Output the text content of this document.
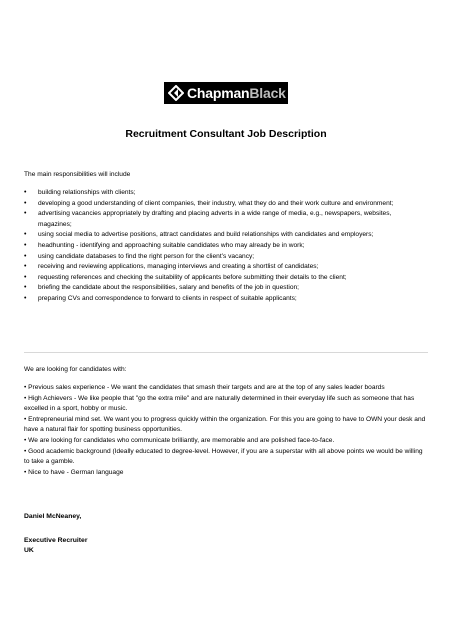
ChapmanBlack
Recruitment Consultant Job Description

The main responsibilities will include

• building relationships with clients;
• developing a good understanding of client companies, their industry, what they do and their work culture and environment;
• advertising vacancies appropriately by drafting and placing adverts in a wide range of media, e.g., newspapers, websites, magazines;
• using social media to advertise positions, attract candidates and build relationships with candidates and employers;
• headhunting - identifying and approaching suitable candidates who may already be in work;
• using candidate databases to find the right person for the client’s vacancy;
• receiving and reviewing applications, managing interviews and creating a shortlist of candidates;
• requesting references and checking the suitability of applicants before submitting their details to the client;
• briefing the candidate about the responsibilities, salary and benefits of the job in question;
• preparing CVs and correspondence to forward to clients in respect of suitable applicants;

We are looking for candidates with:

• Previous sales experience - We want the candidates that smash their targets and are at the top of any sales leader boards

• High Achievers - We like people that "go the extra mile" and are naturally determined in their everyday life such as someone that has excelled in a sport, hobby or music.

• Entrepreneurial mind set. We want you to progress quickly within the organization. For this you are going to have to OWN your desk and have a natural flair for spotting business opportunities.

• We are looking for candidates who communicate brilliantly, are memorable and are polished face-to-face.

• Good academic background (Ideally educated to degree-level. However, if you are a superstar with all above points we would be willing to take a gamble.

• Nice to have - German language

Daniel McNeaney,

Executive Recruiter

UK
